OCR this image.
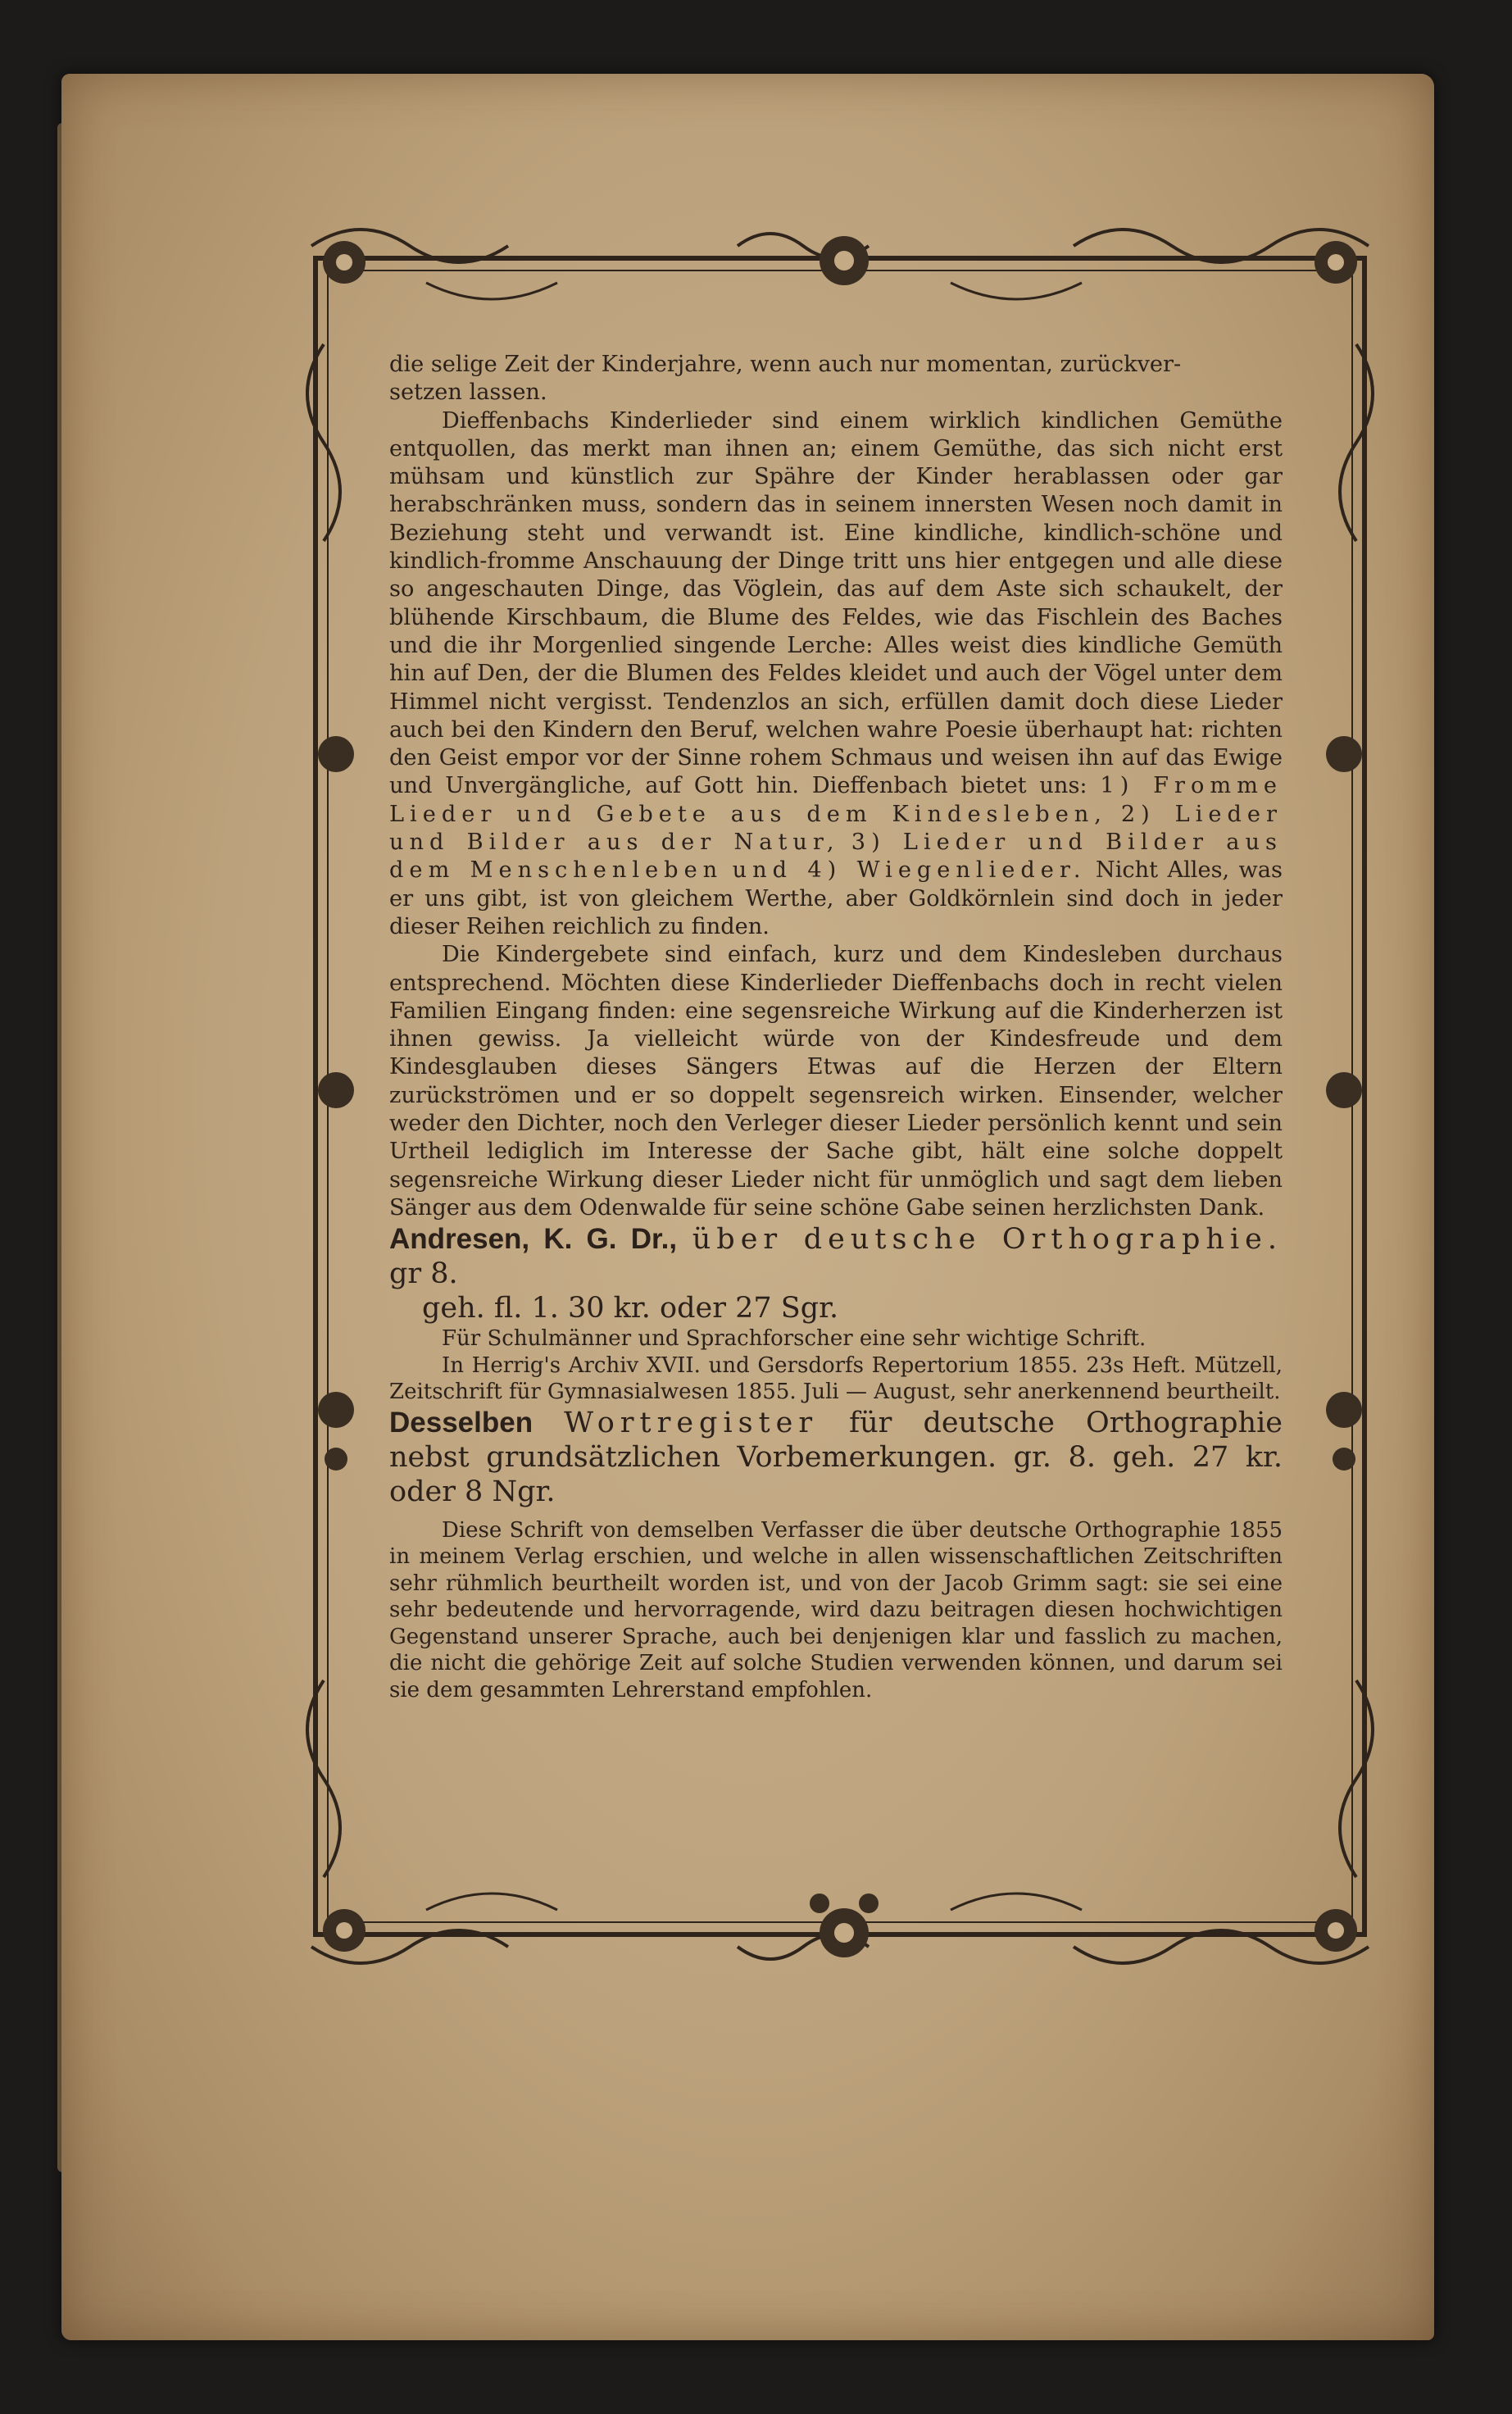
die selige Zeit der Kinderjahre, wenn auch nur momentan, zurückver-

setzen lassen.

Dieffenbachs Kinderlieder sind einem wirklich kindlichen Gemüthe entquollen, das merkt man ihnen an; einem Gemüthe, das sich nicht erst mühsam und künstlich zur Spähre der Kinder herablassen oder gar herabschränken muss, sondern das in seinem innersten Wesen noch damit in Beziehung steht und verwandt ist. Eine kindliche, kindlich-schöne und kindlich-fromme Anschauung der Dinge tritt uns hier entgegen und alle diese so angeschauten Dinge, das Vöglein, das auf dem Aste sich schaukelt, der blühende Kirschbaum, die Blume des Feldes, wie das Fischlein des Baches und die ihr Morgenlied singende Lerche: Alles weist dies kindliche Gemüth hin auf Den, der die Blumen des Feldes kleidet und auch der Vögel unter dem Himmel nicht vergisst. Tendenzlos an sich, erfüllen damit doch diese Lieder auch bei den Kindern den Beruf, welchen wahre Poesie überhaupt hat: richten den Geist empor vor der Sinne rohem Schmaus und weisen ihn auf das Ewige und Unvergängliche, auf Gott hin. Dieffenbach bietet uns: 1) Fromme Lieder und Gebete aus dem Kindesleben, 2) Lieder und Bilder aus der Natur, 3) Lieder und Bilder aus dem Menschenleben und 4) Wiegenlieder. Nicht Alles, was er uns gibt, ist von gleichem Werthe, aber Goldkörnlein sind doch in jeder dieser Reihen reichlich zu finden.

Die Kindergebete sind einfach, kurz und dem Kindesleben durchaus entsprechend. Möchten diese Kinderlieder Dieffenbachs doch in recht vielen Familien Eingang finden: eine segensreiche Wirkung auf die Kinderherzen ist ihnen gewiss. Ja vielleicht würde von der Kindesfreude und dem Kindesglauben dieses Sängers Etwas auf die Herzen der Eltern zurückströmen und er so doppelt segensreich wirken. Einsender, welcher weder den Dichter, noch den Verleger dieser Lieder persönlich kennt und sein Urtheil lediglich im Interesse der Sache gibt, hält eine solche doppelt segensreiche Wirkung dieser Lieder nicht für unmöglich und sagt dem lieben Sänger aus dem Odenwalde für seine schöne Gabe seinen herzlichsten Dank.

Andresen, K. G. Dr., über deutsche Orthographie. gr 8.

geh. fl. 1. 30 kr. oder 27 Sgr.

Für Schulmänner und Sprachforscher eine sehr wichtige Schrift.

In Herrig's Archiv XVII. und Gersdorfs Repertorium 1855. 23s Heft. Mützell, Zeitschrift für Gymnasialwesen 1855. Juli — August, sehr anerkennend beurtheilt.

Desselben Wortregister für deutsche Orthographie nebst grundsätzlichen Vorbemerkungen. gr. 8. geh. 27 kr. oder 8 Ngr.

Diese Schrift von demselben Verfasser die über deutsche Orthographie 1855 in meinem Verlag erschien, und welche in allen wissenschaftlichen Zeitschriften sehr rühmlich beurtheilt worden ist, und von der Jacob Grimm sagt: sie sei eine sehr bedeutende und hervorragende, wird dazu beitragen diesen hochwichtigen Gegenstand unserer Sprache, auch bei denjenigen klar und fasslich zu machen, die nicht die gehörige Zeit auf solche Studien verwenden können, und darum sei sie dem gesammten Lehrerstand empfohlen.
